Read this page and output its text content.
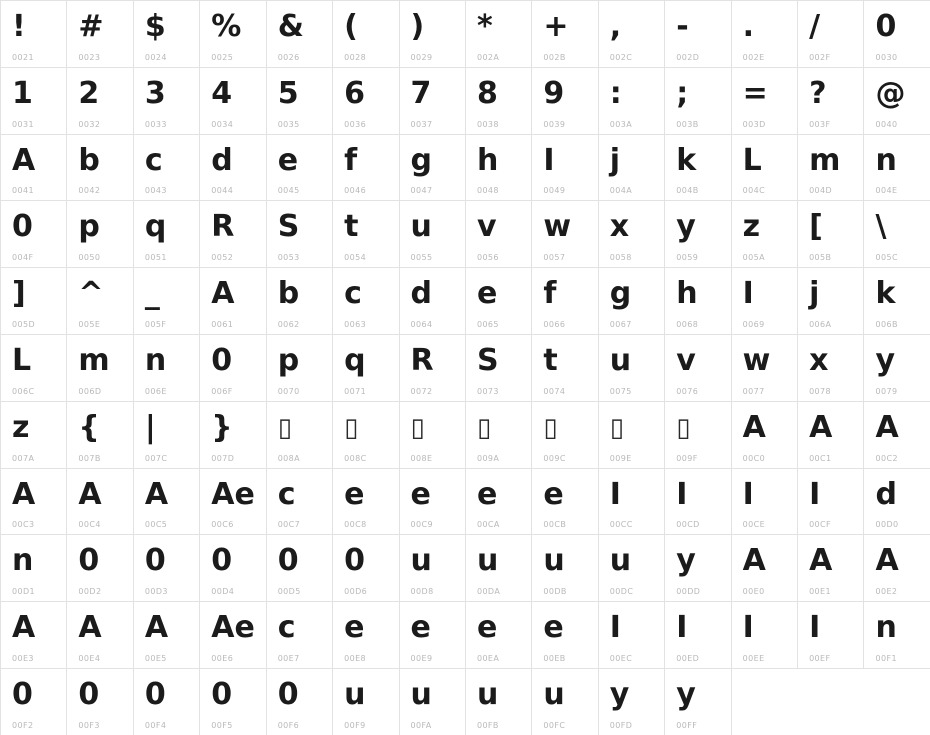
!
0021
#
0023
$
0024
%
0025
&
0026
(
0028
)
0029
*
002A
+
002B
,
002C
-
002D
.
002E
/
002F
0
0030
1
0031
2
0032
3
0033
4
0034
5
0035
6
0036
7
0037
8
0038
9
0039
:
003A
;
003B
=
003D
?
003F
@
0040
A
0041
b
0042
c
0043
d
0044
e
0045
f
0046
g
0047
h
0048
I
0049
j
004A
k
004B
L
004C
m
004D
n
004E
0
004F
p
0050
q
0051
R
0052
S
0053
t
0054
u
0055
v
0056
w
0057
x
0058
y
0059
z
005A
[
005B
\
005C
]
005D
^
005E
_
005F
A
0061
b
0062
c
0063
d
0064
e
0065
f
0066
g
0067
h
0068
I
0069
j
006A
k
006B
L
006C
m
006D
n
006E
0
006F
p
0070
q
0071
R
0072
S
0073
t
0074
u
0075
v
0076
w
0077
x
0078
y
0079
z
007A
{
007B
|
007C
}
007D
▯
008A
▯
008C
▯
008E
▯
009A
▯
009C
▯
009E
▯
009F
A
00C0
A
00C1
A
00C2
A
00C3
A
00C4
A
00C5
Ae
00C6
c
00C7
e
00C8
e
00C9
e
00CA
e
00CB
I
00CC
I
00CD
I
00CE
I
00CF
d
00D0
n
00D1
0
00D2
0
00D3
0
00D4
0
00D5
0
00D6
u
00D8
u
00DA
u
00DB
u
00DC
y
00DD
A
00E0
A
00E1
A
00E2
A
00E3
A
00E4
A
00E5
Ae
00E6
c
00E7
e
00E8
e
00E9
e
00EA
e
00EB
I
00EC
I
00ED
I
00EE
I
00EF
n
00F1
0
00F2
0
00F3
0
00F4
0
00F5
0
00F6
u
00F9
u
00FA
u
00FB
u
00FC
y
00FD
y
00FF
